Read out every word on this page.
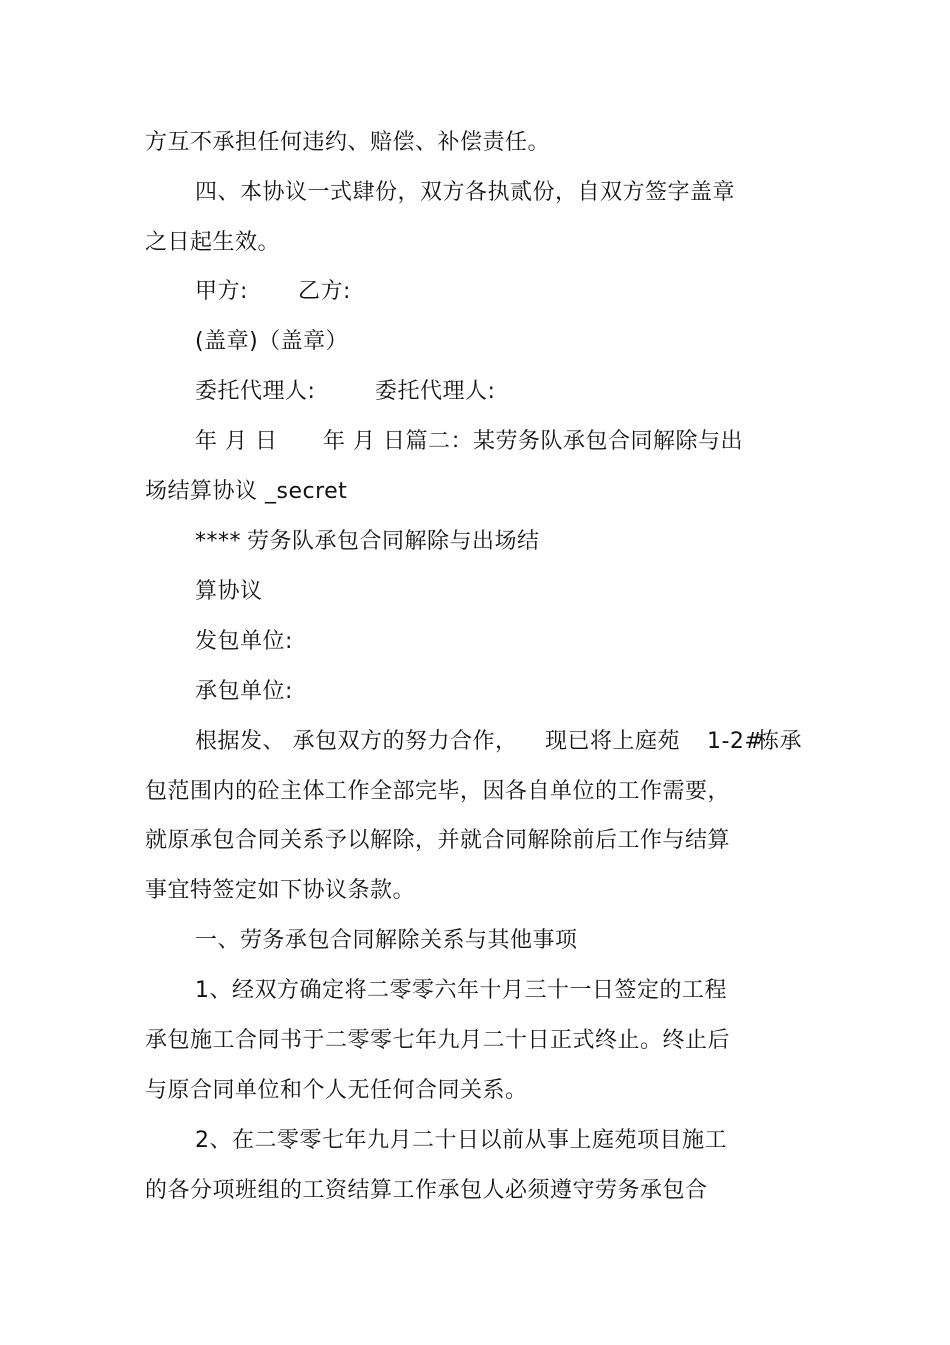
方互不承担任何违约、赔偿、补偿责任。
四、本协议一式肆份，双方各执贰份，自双方签字盖章
之日起生效。
甲方: 乙方:
(盖章)（盖章）
委托代理人:	委托代理人:
年 月 日 年 月 日篇二：某劳务队承包合同解除与出
场结算协议 _secret
**** 劳务队承包合同解除与出场结
算协议
发包单位:
承包单位:
根据发、 承包双方的努力合作， 现已将上庭苑 1-2#
栋承
包范围内的砼主体工作全部完毕，因各自单位的工作需要，
就原承包合同关系予以解除，并就合同解除前后工作与结算
事宜特签定如下协议条款。
一、劳务承包合同解除关系与其他事项
1、经双方确定将二零零六年十月三十一日签定的工程
承包施工合同书于二零零七年九月二十日正式终止。终止后
与原合同单位和个人无任何合同关系。
2、在二零零七年九月二十日以前从事上庭苑项目施工
的各分项班组的工资结算工作承包人必须遵守劳务承包合
